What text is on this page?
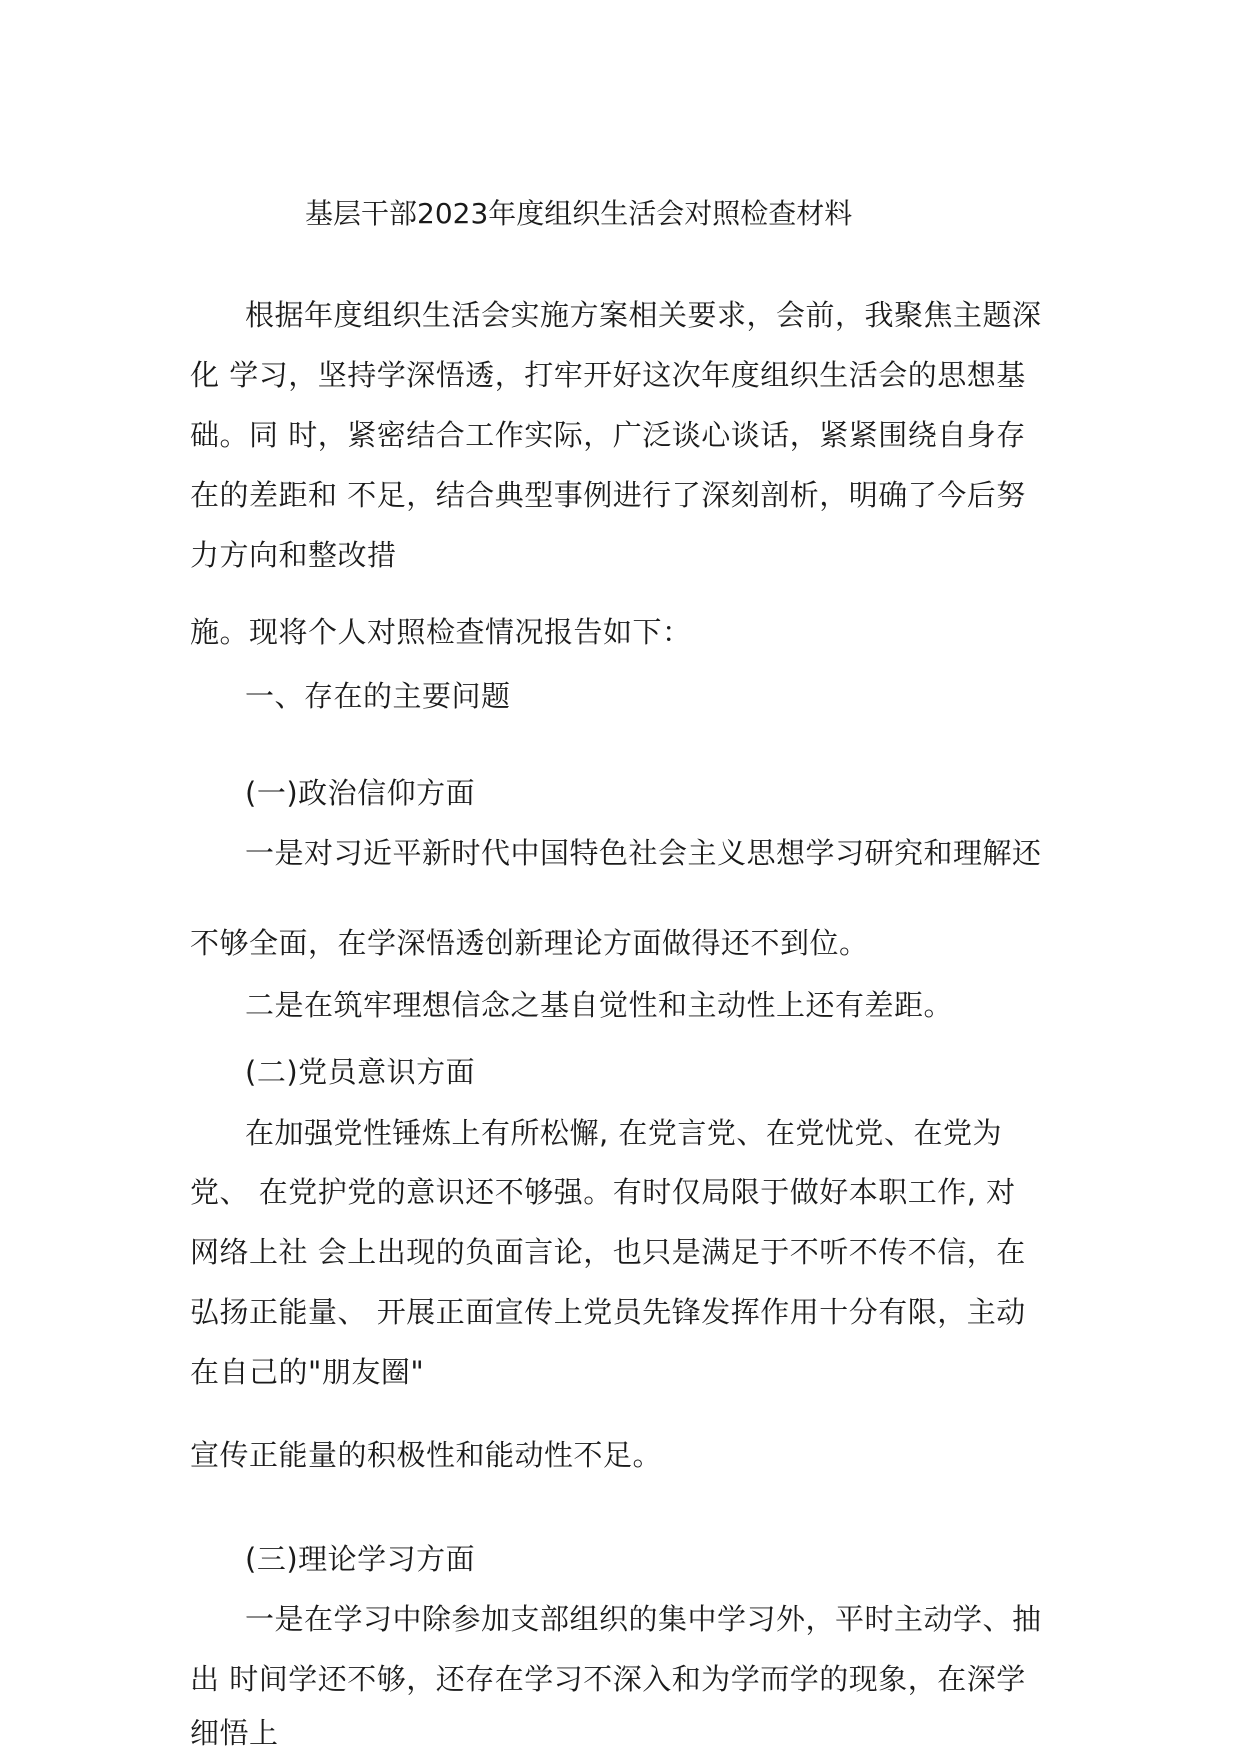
基层干部2023年度组织生活会对照检查材料
根据年度组织生活会实施方案相关要求，会前，我聚焦主题深
化 学习，坚持学深悟透，打牢开好这次年度组织生活会的思想基
础。同 时，紧密结合工作实际，广泛谈心谈话，紧紧围绕自身存
在的差距和 不足，结合典型事例进行了深刻剖析，明确了今后努
力方向和整改措
施。现将个人对照检查情况报告如下：
一、存在的主要问题
(一)政治信仰方面
一是对习近平新时代中国特色社会主义思想学习研究和理解还
不够全面，在学深悟透创新理论方面做得还不到位。
二是在筑牢理想信念之基自觉性和主动性上还有差距。
(二)党员意识方面
在加强党性锤炼上有所松懈, 在党言党、在党忧党、在党为
党、 在党护党的意识还不够强。有时仅局限于做好本职工作, 对
网络上社 会上出现的负面言论，也只是满足于不听不传不信，在
弘扬正能量、 开展正面宣传上党员先锋发挥作用十分有限，主动
在自己的"朋友圈"
宣传正能量的积极性和能动性不足。
(三)理论学习方面
一是在学习中除参加支部组织的集中学习外，平时主动学、抽
出 时间学还不够，还存在学习不深入和为学而学的现象，在深学
细悟上
